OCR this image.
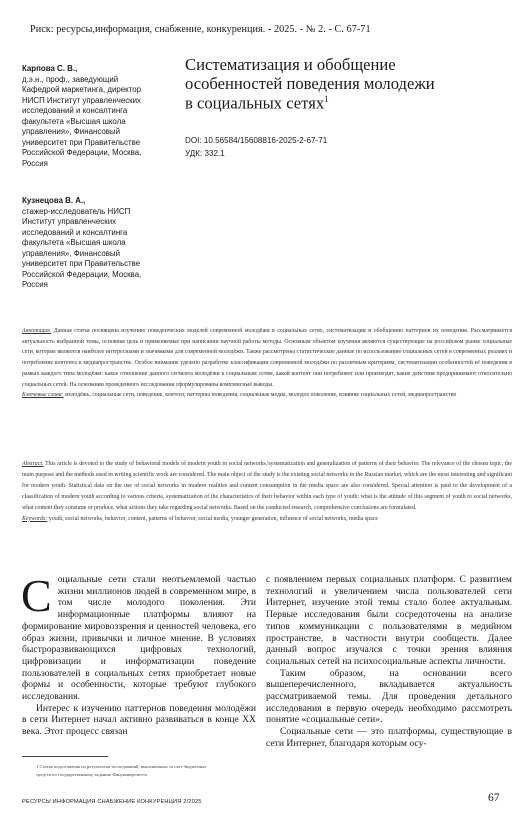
Риск: ресурсы,информация, снабжение, конкуренция. - 2025. - № 2. - С. 67-71
Карпова С. В.,
д.э.н., проф., заведующий
Кафедрой маркетинга, директор
НИСП Институт управленческих
исследований и консалтинга
факультета «Высшая школа
управления», Финансовый
университет при Правительстве
Российской Федерации, Москва,
Россия
Кузнецова В. А.,
стажер-исследователь НИСП
Институт управленческих
исследований и консалтинга
факультета «Высшая школа
управления», Финансовый
университет при Правительстве
Российской Федерации, Москва,
Россия
Систематизация и обобщение
особенностей поведения молодежи
в социальных сетях$^1$
DOI: 10.56584/15608816-2025-2-67-71
УДК: 332.1
Аннотация. Данная статья посвящена изучению поведенческих моделей современной молодёжи в социальных сетях, систематизации и обобщению паттернов их поведения. Рассматривается актуальность выбранной темы, основная цель и применяемые при написании научной работы методы. Основным объектом изучения являются существующие на российском рынке социальные сети, которые являются наиболее интересными и значимыми для современной молодёжи. Также рассмотрены статистические данные по использованию социальных сетей в современных реалиях и потребление контента в медиапространстве. Особое внимание уделено разработке классификации современной молодёжи по различным критериям, систематизации особенностей её поведения в рамках каждого типа молодёжи: какое отношение данного сегмента молодёжи к социальным сетям, какой контент они потребляют или производят, какие действия предпринимают относительно социальных сетей. На основании проведенного исследования сформулированы комплексные выводы.
Ключевые слова: молодёжь, социальные сети, поведение, контент, паттерны поведения, социальные медиа, молодое поколение, влияние социальных сетей, медиапространство
Abstract. This article is devoted to the study of behavioral models of modern youth in social networks,'systematization and generalization of patterns of their behavior. The relevance of the chosen topic, the main purpose and the methods used in writing scientific work are considered. The main object of the study is the existing social networks in the Russian market, which are the most interesting and significant for modern youth. Statistical data on the use of social networks in modern realities and content consumption in the media space are also considered. Special attention is paid to the development of a classification of modern youth according to various criteria, systematization of the characteristics of their behavior within each type of youth: what is the attitude of this segment of youth to social networks, what content they consume or produce, what actions they take regarding social networks. Based on the conducted research, comprehensive conclusions are formulated.
Keywords: youth, social networks, behavior, content, patterns of behavior, social media, younger generation, influence of social networks, media space

Социальные сети стали неотъемлемой частью жизни миллионов людей в современном мире, в том числе молодого поколения. Эти информационные платформы влияют на формирование мировоззрения и ценностей человека, его образ жизни, привычки и личное мнение. В условиях быстроразвивающихся цифровых технологий, цифровизации и информатизации поведение пользователей в социальных сетях приобретает новые формы и особенности, которые требуют глубокого исследования.

Интерес к изучению паттернов поведения молодёжи в сети Интернет начал активно развиваться в конце XX века. Этот процесс связан

с появлением первых социальных платформ. С развитием технологий и увеличением числа пользователей сети Интернет, изучение этой темы стало более актуальным. Первые исследования были сосредоточены на анализе типов коммуникации с пользователями в медийном пространстве, в частности внутри сообществ. Далее данный вопрос изучался с точки зрения влияния социальных сетей на психосоциальные аспекты личности.

Таким образом, на основании всего вышеперечисленного, вкладывается актуальность рассматриваемой темы. Для проведения детального исследования в первую очередь необходимо рассмотреть понятие «социальные сети».

Социальные сети — это платформы, существующие в сети Интернет, благодаря которым осу-

1 Статья подготовлена по результатам исследований, выполненных за счет бюджетных
средств по государственному заданию Финуниверситета
РЕСУРСЫ ИНФОРМАЦИЯ СНАБЖЕНИЕ КОНКУРЕНЦИЯ 2/2025	67
